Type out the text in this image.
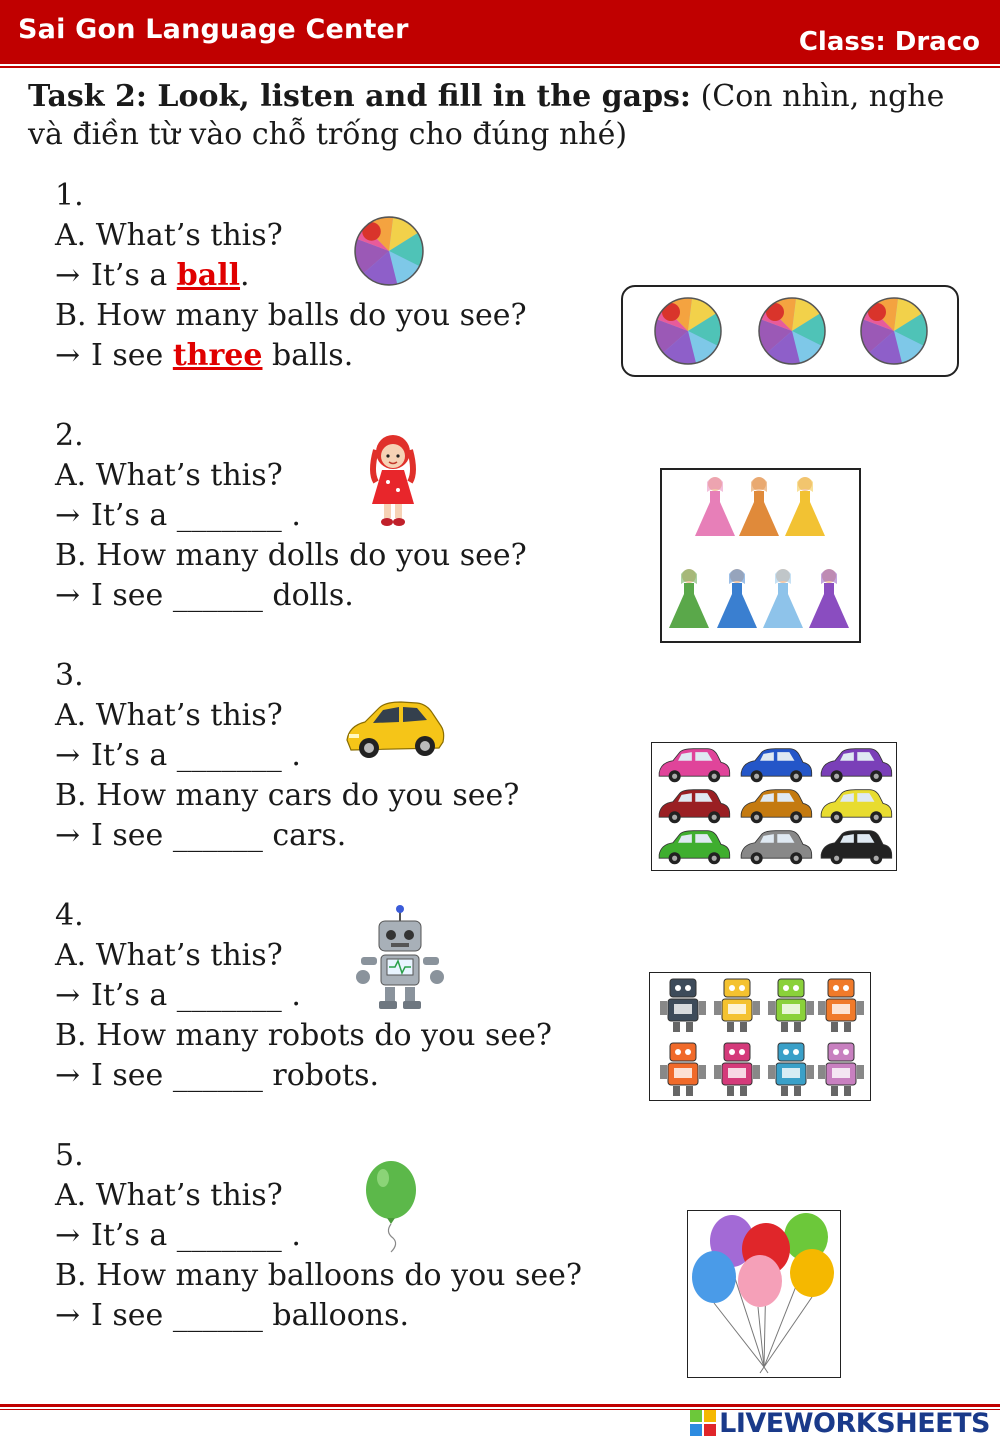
Sai Gon Language Center	Class: Draco
Task 2: Look, listen and fill in the gaps: (Con nhìn, nghe và điền từ vào chỗ trống cho đúng nhé)
1.
A. What’s this?
→ It’s a ball.
B. How many balls do you see?
→ I see three balls.
2.
A. What’s this?
→ It’s a _______ .
B. How many dolls do you see?
→ I see ______ dolls.
3.
A. What’s this?
→ It’s a _______ .
B. How many cars do you see?
→ I see ______ cars.
4.
A. What’s this?
→ It’s a _______ .
B. How many robots do you see?
→ I see ______ robots.
5.
A. What’s this?
→ It’s a _______ .
B. How many balloons do you see?
→ I see ______ balloons.
LIVEWORKSHEETS
